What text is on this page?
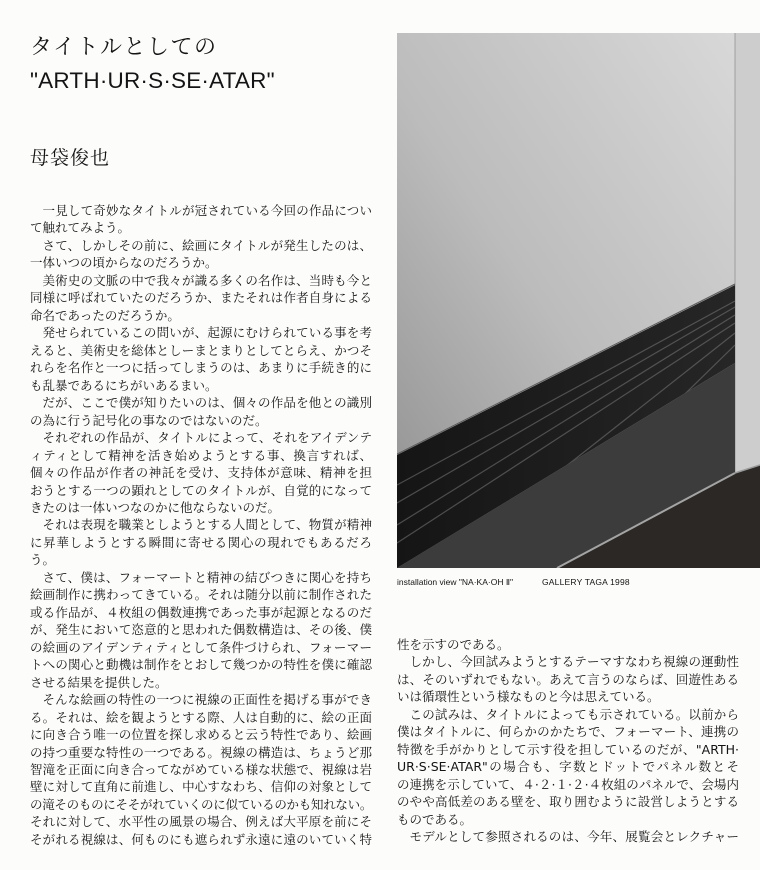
タイトルとしての
"ARTH·UR·S·SE·ATAR"
母袋俊也
installation view "NA·KA·OH Ⅱ"	GALLERY TAGA 1998
一見して奇妙なタイトルが冠されている今回の作品につい
て触れてみよう。
さて、しかしその前に、絵画にタイトルが発生したのは、
一体いつの頃からなのだろうか。
美術史の文脈の中で我々が識る多くの名作は、当時も今と
同様に呼ばれていたのだろうか、またそれは作者自身による
命名であったのだろうか。
発せられているこの問いが、起源にむけられている事を考
えると、美術史を総体としーまとまりとしてとらえ、かつそ
れらを名作と一つに括ってしまうのは、あまりに手続き的に
も乱暴であるにちがいあるまい。
だが、ここで僕が知りたいのは、個々の作品を他との識別
の為に行う記号化の事なのではないのだ。
それぞれの作品が、タイトルによって、それをアイデンテ
ィティとして精神を活き始めようとする事、換言すれば、
個々の作品が作者の神託を受け、支持体が意味、精神を担
おうとする一つの顕れとしてのタイトルが、自覚的になって
きたのは一体いつなのかに他ならないのだ。
それは表現を職業としようとする人間として、物質が精神
に昇華しようとする瞬間に寄せる関心の現れでもあるだろ
う。
さて、僕は、フォーマートと精神の結びつきに関心を持ち
絵画制作に携わってきている。それは随分以前に制作された
或る作品が、４枚組の偶数連携であった事が起源となるのだ
が、発生において恣意的と思われた偶数構造は、その後、僕
の絵画のアイデンティティとして条件づけられ、フォーマー
トへの関心と動機は制作をとおして幾つかの特性を僕に確認
させる結果を提供した。
そんな絵画の特性の一つに視線の正面性を掲げる事ができ
る。それは、絵を観ようとする際、人は自動的に、絵の正面
に向き合う唯一の位置を探し求めると云う特性であり、絵画
の持つ重要な特性の一つである。視線の構造は、ちょうど那
智滝を正面に向き合ってながめている様な状態で、視線は岩
壁に対して直角に前進し、中心すなわち、信仰の対象として
の滝そのものにそそがれていくのに似ているのかも知れない。
それに対して、水平性の風景の場合、例えば大平原を前にそ
そがれる視線は、何ものにも遮られず永遠に遠のいていく特
性を示すのである。
しかし、今回試みようとするテーマすなわち視線の運動性
は、そのいずれでもない。あえて言うのならば、回遊性ある
いは循環性という様なものと今は思えている。
この試みは、タイトルによっても示されている。以前から
僕はタイトルに、何らかのかたちで、フォーマート、連携の
特徴を手がかりとして示す役を担しているのだが、"ARTH·
UR·S·SE·ATAR"の場合も、字数とドットでパネル数とそ
の連携を示していて、４·２·１·２·４枚組のパネルで、会場内
のやや高低差のある壁を、取り囲むように設営しようとする
ものである。
モデルとして参照されるのは、今年、展覧会とレクチャー
